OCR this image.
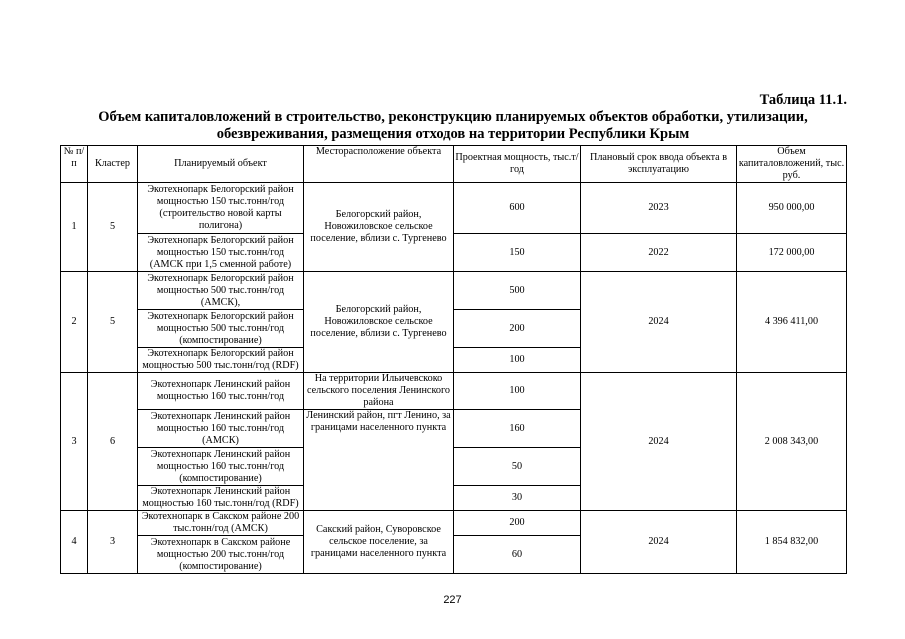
Таблица 11.1.
Объем капиталовложений в строительство, реконструкцию планируемых объектов обработки, утилизации,
обезвреживания, размещения отходов на территории Республики Крым
№ п/п	Кластер	Планируемый объект	Месторасположение объекта	Проектная мощность, тыс.т/год	Плановый срок ввода объекта в эксплуатацию	Объем капиталовложений, тыс. руб.
1	5	Экотехнопарк Белогорский район мощностью 150 тыс.тонн/год (строительство новой карты полигона)	Белогорский район, Новожиловское сельское поселение, вблизи с. Тургенево	600	2023	950 000,00
		Экотехнопарк Белогорский район мощностью 150 тыс.тонн/год (АМСК при 1,5 сменной работе)		150	2022	172 000,00
2	5	Экотехнопарк Белогорский район мощностью 500 тыс.тонн/год (АМСК),	Белогорский район, Новожиловское сельское поселение, вблизи с. Тургенево	500	2024	4 396 411,00
		Экотехнопарк Белогорский район мощностью 500 тыс.тонн/год (компостирование)		200		
		Экотехнопарк Белогорский район мощностью 500 тыс.тонн/год (RDF)		100		
3	6	Экотехнопарк Ленинский район мощностью 160 тыс.тонн/год	На территории Ильичевскоко сельского поселения Ленинского района	100	2024	2 008 343,00
		Экотехнопарк Ленинский район мощностью 160 тыс.тонн/год (АМСК)	Ленинский район, пгт Ленино, за границами населенного пункта	160		
		Экотехнопарк Ленинский район мощностью 160 тыс.тонн/год (компостирование)		50		
		Экотехнопарк Ленинский район мощностью 160 тыс.тонн/год (RDF)		30		
4	3	Экотехнопарк в Сакском районе 200 тыс.тонн/год (АМСК)	Сакский район, Суворовское сельское поселение, за границами населенного пункта	200	2024	1 854 832,00
		Экотехнопарк в Сакском районе мощностью 200 тыс.тонн/год (компостирование)		60		
227
